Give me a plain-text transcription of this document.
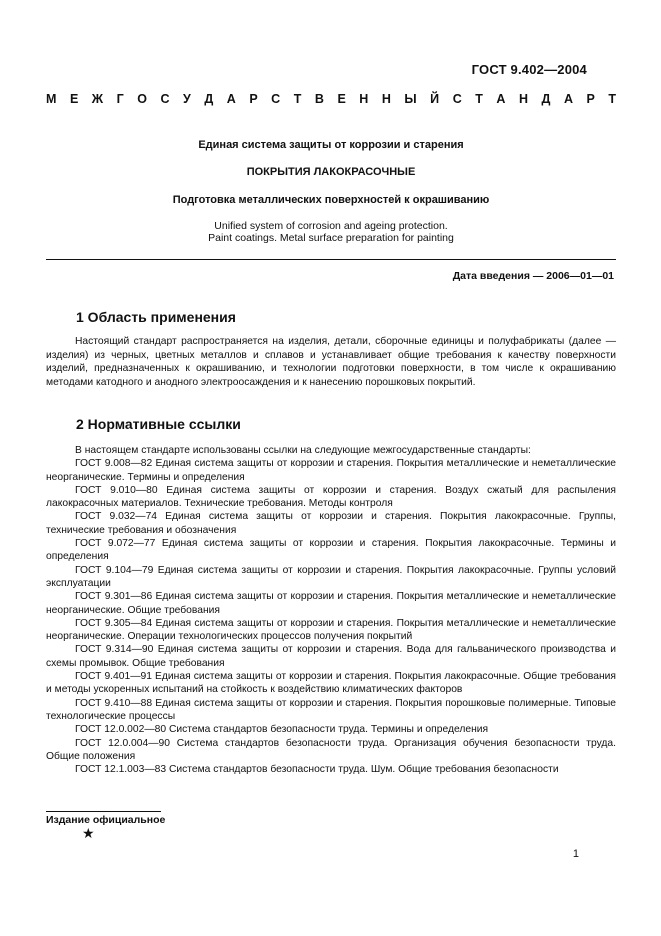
ГОСТ 9.402—2004
М Е Ж Г О С У Д А Р С Т В Е Н Н Ы Й С Т А Н Д А Р Т
Единая система защиты от коррозии и старения
ПОКРЫТИЯ ЛАКОКРАСОЧНЫЕ
Подготовка металлических поверхностей к окрашиванию
Unified system of corrosion and ageing protection.
Paint coatings. Metal surface preparation for painting
Дата введения — 2006—01—01
1 Область применения
Настоящий стандарт распространяется на изделия, детали, сборочные единицы и полуфабрикаты (далее — изделия) из черных, цветных металлов и сплавов и устанавливает общие требования к качеству поверхности изделий, предназначенных к окрашиванию, и технологии подготовки поверхности, в том числе к окрашиванию методами катодного и анодного электроосаждения и к нанесению порошковых покрытий.
2 Нормативные ссылки
В настоящем стандарте использованы ссылки на следующие межгосударственные стандарты:
ГОСТ 9.008—82 Единая система защиты от коррозии и старения. Покрытия металлические и неметаллические неорганические. Термины и определения
ГОСТ 9.010—80 Единая система защиты от коррозии и старения. Воздух сжатый для распыления лакокрасочных материалов. Технические требования. Методы контроля
ГОСТ 9.032—74 Единая система защиты от коррозии и старения. Покрытия лакокрасочные. Группы, технические требования и обозначения
ГОСТ 9.072—77 Единая система защиты от коррозии и старения. Покрытия лакокрасочные. Термины и определения
ГОСТ 9.104—79 Единая система защиты от коррозии и старения. Покрытия лакокрасочные. Группы условий эксплуатации
ГОСТ 9.301—86 Единая система защиты от коррозии и старения. Покрытия металлические и неметаллические неорганические. Общие требования
ГОСТ 9.305—84 Единая система защиты от коррозии и старения. Покрытия металлические и неметаллические неорганические. Операции технологических процессов получения покрытий
ГОСТ 9.314—90 Единая система защиты от коррозии и старения. Вода для гальванического производства и схемы промывок. Общие требования
ГОСТ 9.401—91 Единая система защиты от коррозии и старения. Покрытия лакокрасочные. Общие требования и методы ускоренных испытаний на стойкость к воздействию климатических факторов
ГОСТ 9.410—88 Единая система защиты от коррозии и старения. Покрытия порошковые полимерные. Типовые технологические процессы
ГОСТ 12.0.002—80 Система стандартов безопасности труда. Термины и определения
ГОСТ 12.0.004—90 Система стандартов безопасности труда. Организация обучения безопасности труда. Общие положения
ГОСТ 12.1.003—83 Система стандартов безопасности труда. Шум. Общие требования безопасности
Издание официальное
★
1
